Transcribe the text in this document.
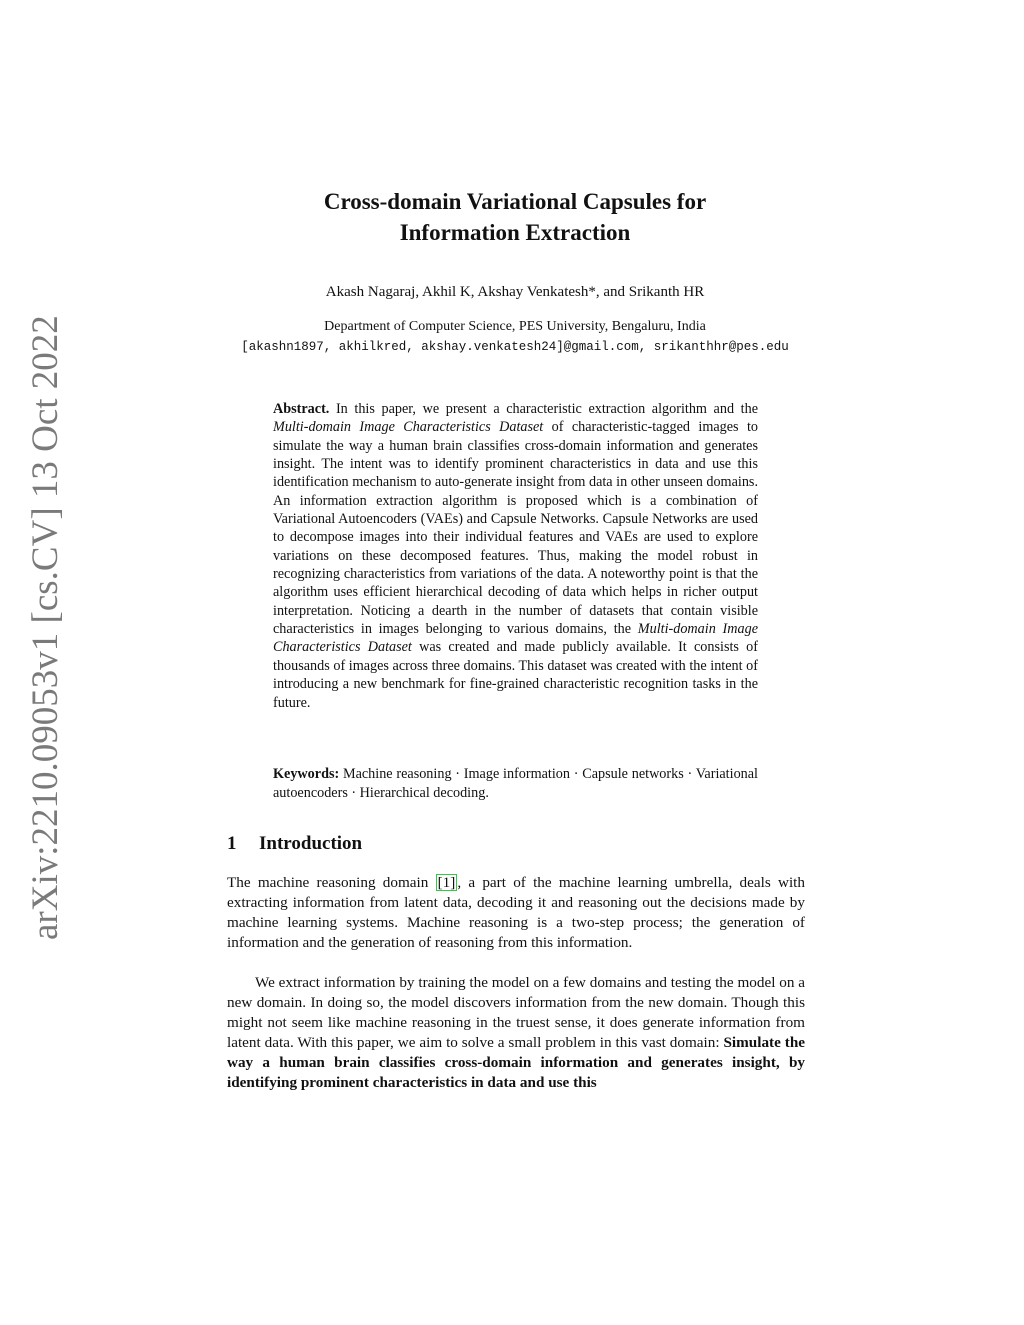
arXiv:2210.09053v1 [cs.CV] 13 Oct 2022
Cross-domain Variational Capsules for
Information Extraction
Akash Nagaraj, Akhil K, Akshay Venkatesh*, and Srikanth HR
Department of Computer Science, PES University, Bengaluru, India
[akashn1897, akhilkred, akshay.venkatesh24]@gmail.com, srikanthhr@pes.edu
Abstract. In this paper, we present a characteristic extraction algorithm and the Multi-domain Image Characteristics Dataset of characteristic-tagged images to simulate the way a human brain classifies cross-domain information and generates insight. The intent was to identify prominent characteristics in data and use this identification mechanism to auto-generate insight from data in other unseen domains. An information extraction algorithm is proposed which is a combination of Variational Autoencoders (VAEs) and Capsule Networks. Capsule Networks are used to decompose images into their individual features and VAEs are used to explore variations on these decomposed features. Thus, making the model robust in recognizing characteristics from variations of the data. A noteworthy point is that the algorithm uses efficient hierarchical decoding of data which helps in richer output interpretation. Noticing a dearth in the number of datasets that contain visible characteristics in images belonging to various domains, the Multi-domain Image Characteristics Dataset was created and made publicly available. It consists of thousands of images across three domains. This dataset was created with the intent of introducing a new benchmark for fine-grained characteristic recognition tasks in the future.
Keywords: Machine reasoning · Image information · Capsule networks · Variational autoencoders · Hierarchical decoding.
1 Introduction
The machine reasoning domain [1] , a part of the machine learning umbrella, deals with extracting information from latent data, decoding it and reasoning out the decisions made by machine learning systems. Machine reasoning is a two-step process; the generation of information and the generation of reasoning from this information.
We extract information by training the model on a few domains and testing the model on a new domain. In doing so, the model discovers information from the new domain. Though this might not seem like machine reasoning in the truest sense, it does generate information from latent data. With this paper, we aim to solve a small problem in this vast domain: Simulate the way a human brain classifies cross-domain information and generates insight, by identifying prominent characteristics in data and use this
